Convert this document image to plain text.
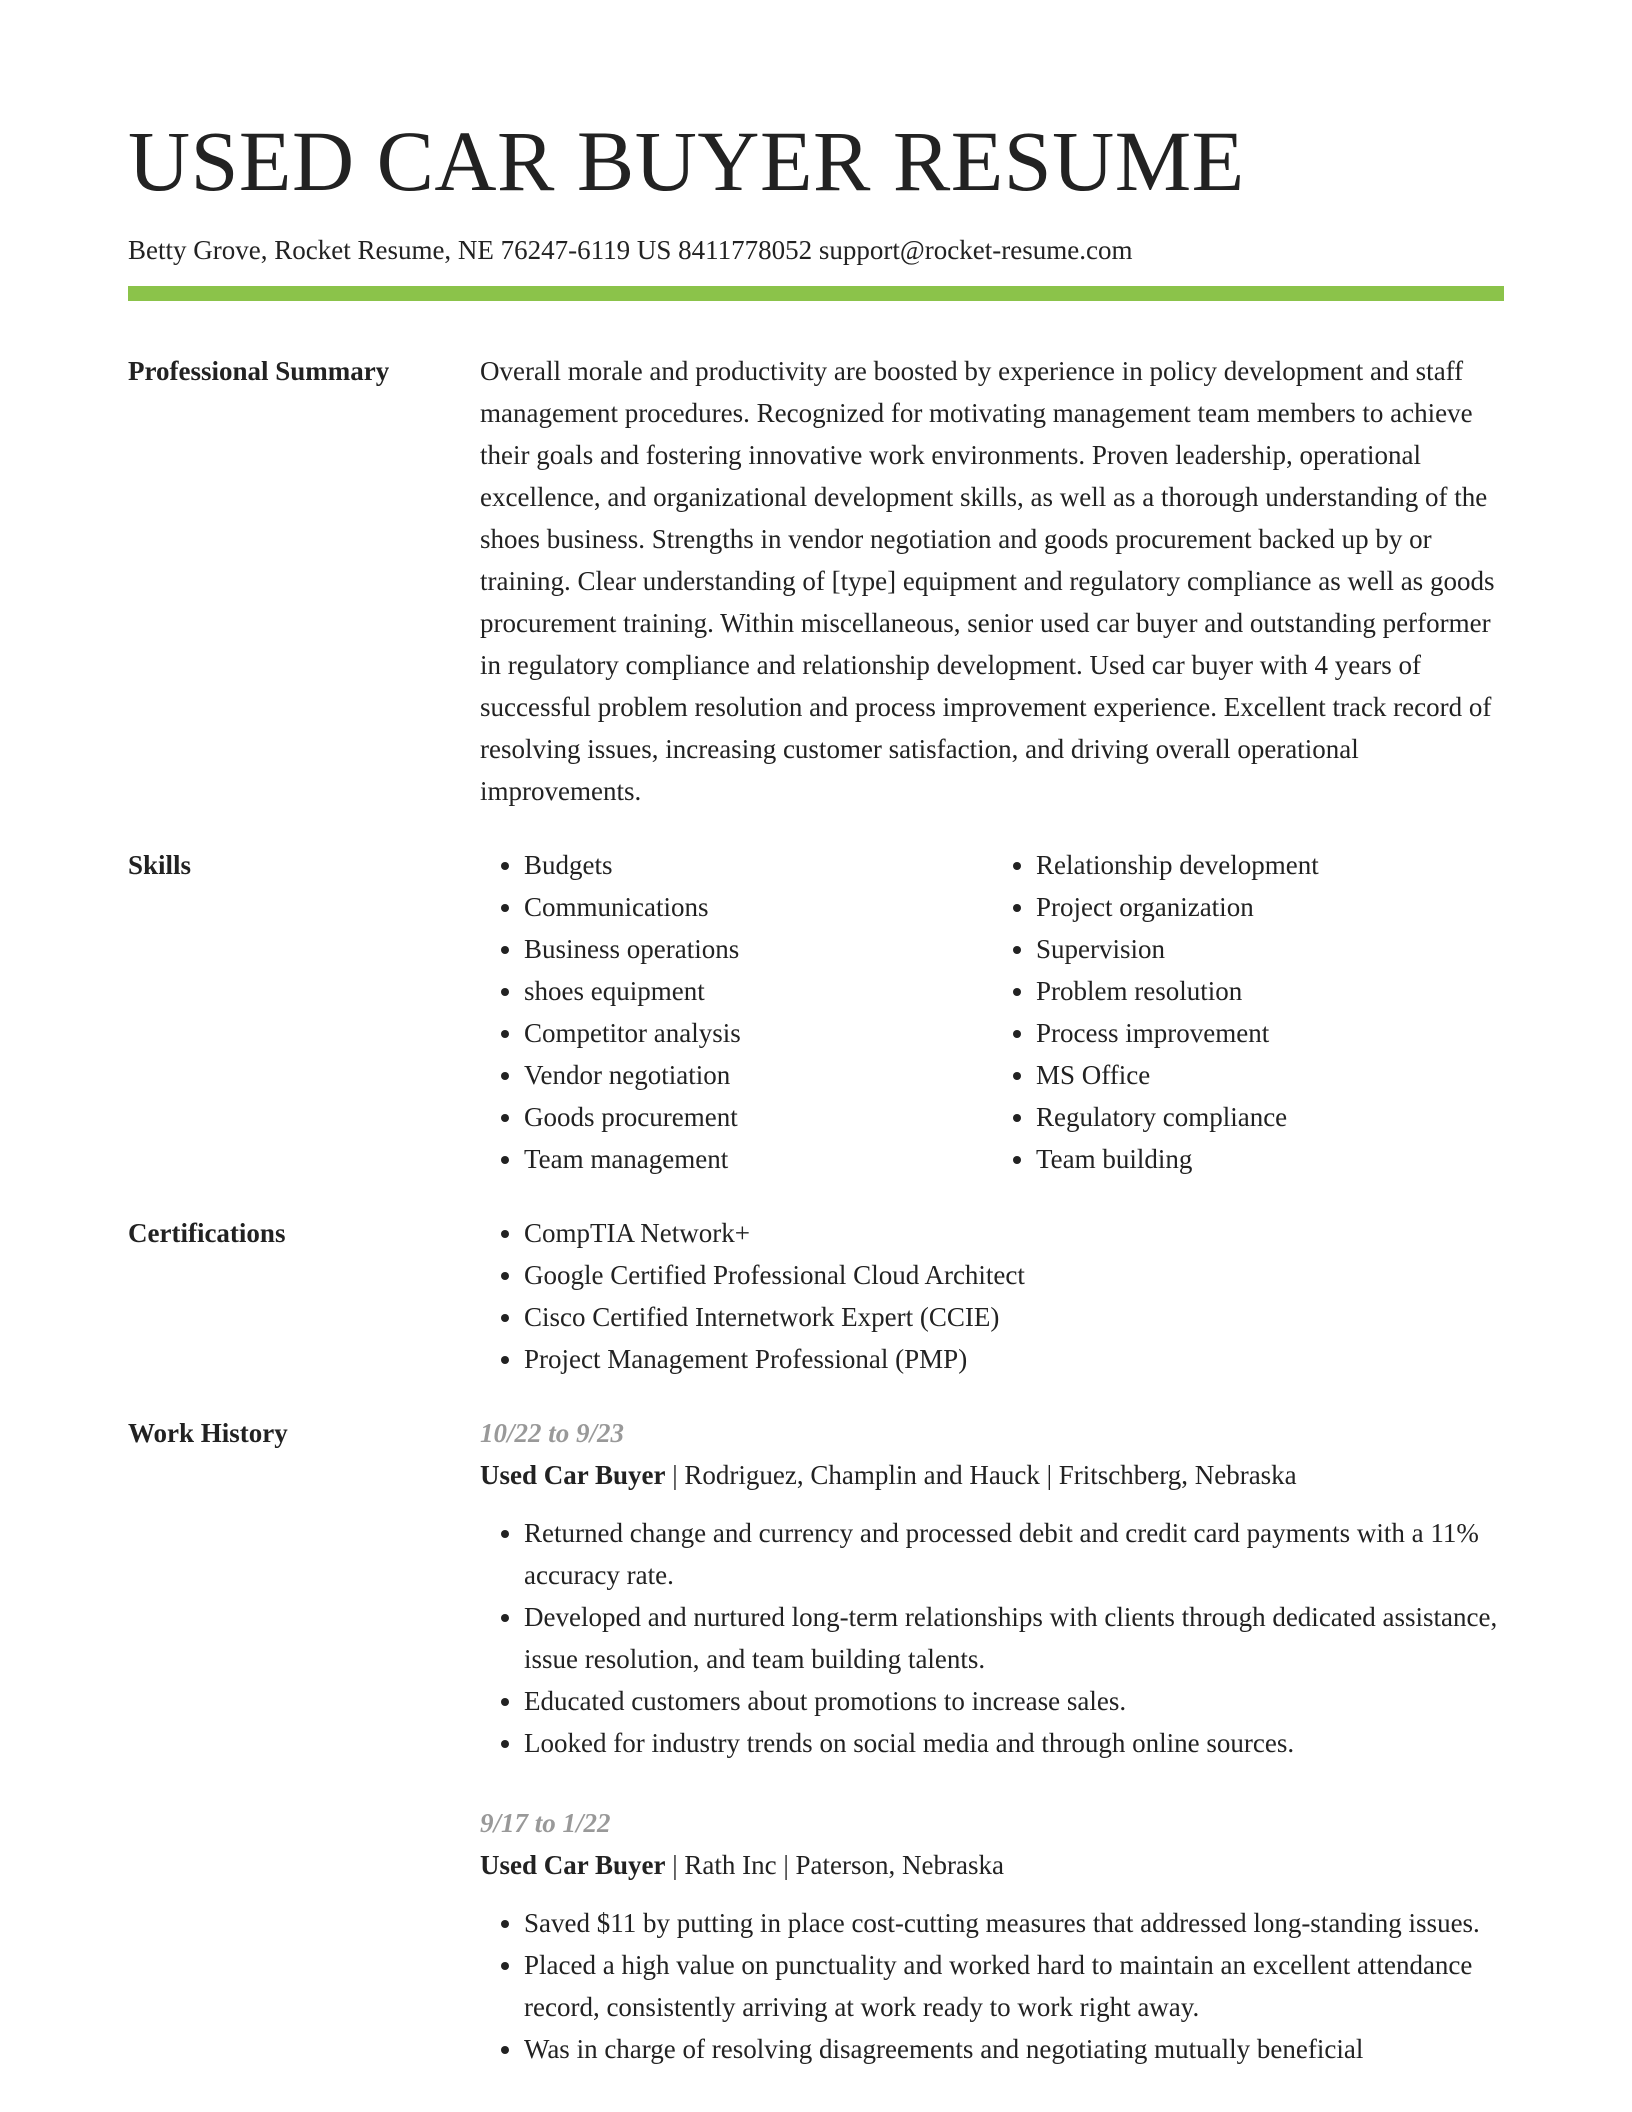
USED CAR BUYER RESUME
Betty Grove, Rocket Resume, NE 76247-6119 US 8411778052 support@rocket-resume.com
Professional Summary	Overall morale and productivity are boosted by experience in policy development and staff management procedures. Recognized for motivating management team members to achieve their goals and fostering innovative work environments. Proven leadership, operational excellence, and organizational development skills, as well as a thorough understanding of the shoes business. Strengths in vendor negotiation and goods procurement backed up by or training. Clear understanding of [type] equipment and regulatory compliance as well as goods procurement training. Within miscellaneous, senior used car buyer and outstanding performer in regulatory compliance and relationship development. Used car buyer with 4 years of successful problem resolution and process improvement experience. Excellent track record of resolving issues, increasing customer satisfaction, and driving overall operational improvements.

Skills	• Budgets
• Communications
• Business operations
• shoes equipment
• Competitor analysis
• Vendor negotiation
• Goods procurement
• Team management
• Relationship development
• Project organization
• Supervision
• Problem resolution
• Process improvement
• MS Office
• Regulatory compliance
• Team building
Certifications	• CompTIA Network+
• Google Certified Professional Cloud Architect
• Cisco Certified Internetwork Expert (CCIE)
• Project Management Professional (PMP)
Work History	10/22 to 9/23
Used Car Buyer | Rodriguez, Champlin and Hauck | Fritschberg, Nebraska
• Returned change and currency and processed debit and credit card payments with a 11% accuracy rate.
• Developed and nurtured long-term relationships with clients through dedicated assistance, issue resolution, and team building talents.
• Educated customers about promotions to increase sales.
• Looked for industry trends on social media and through online sources.
9/17 to 1/22
Used Car Buyer | Rath Inc | Paterson, Nebraska
• Saved $11 by putting in place cost-cutting measures that addressed long-standing issues.
• Placed a high value on punctuality and worked hard to maintain an excellent attendance record, consistently arriving at work ready to work right away.
• Was in charge of resolving disagreements and negotiating mutually beneficial
